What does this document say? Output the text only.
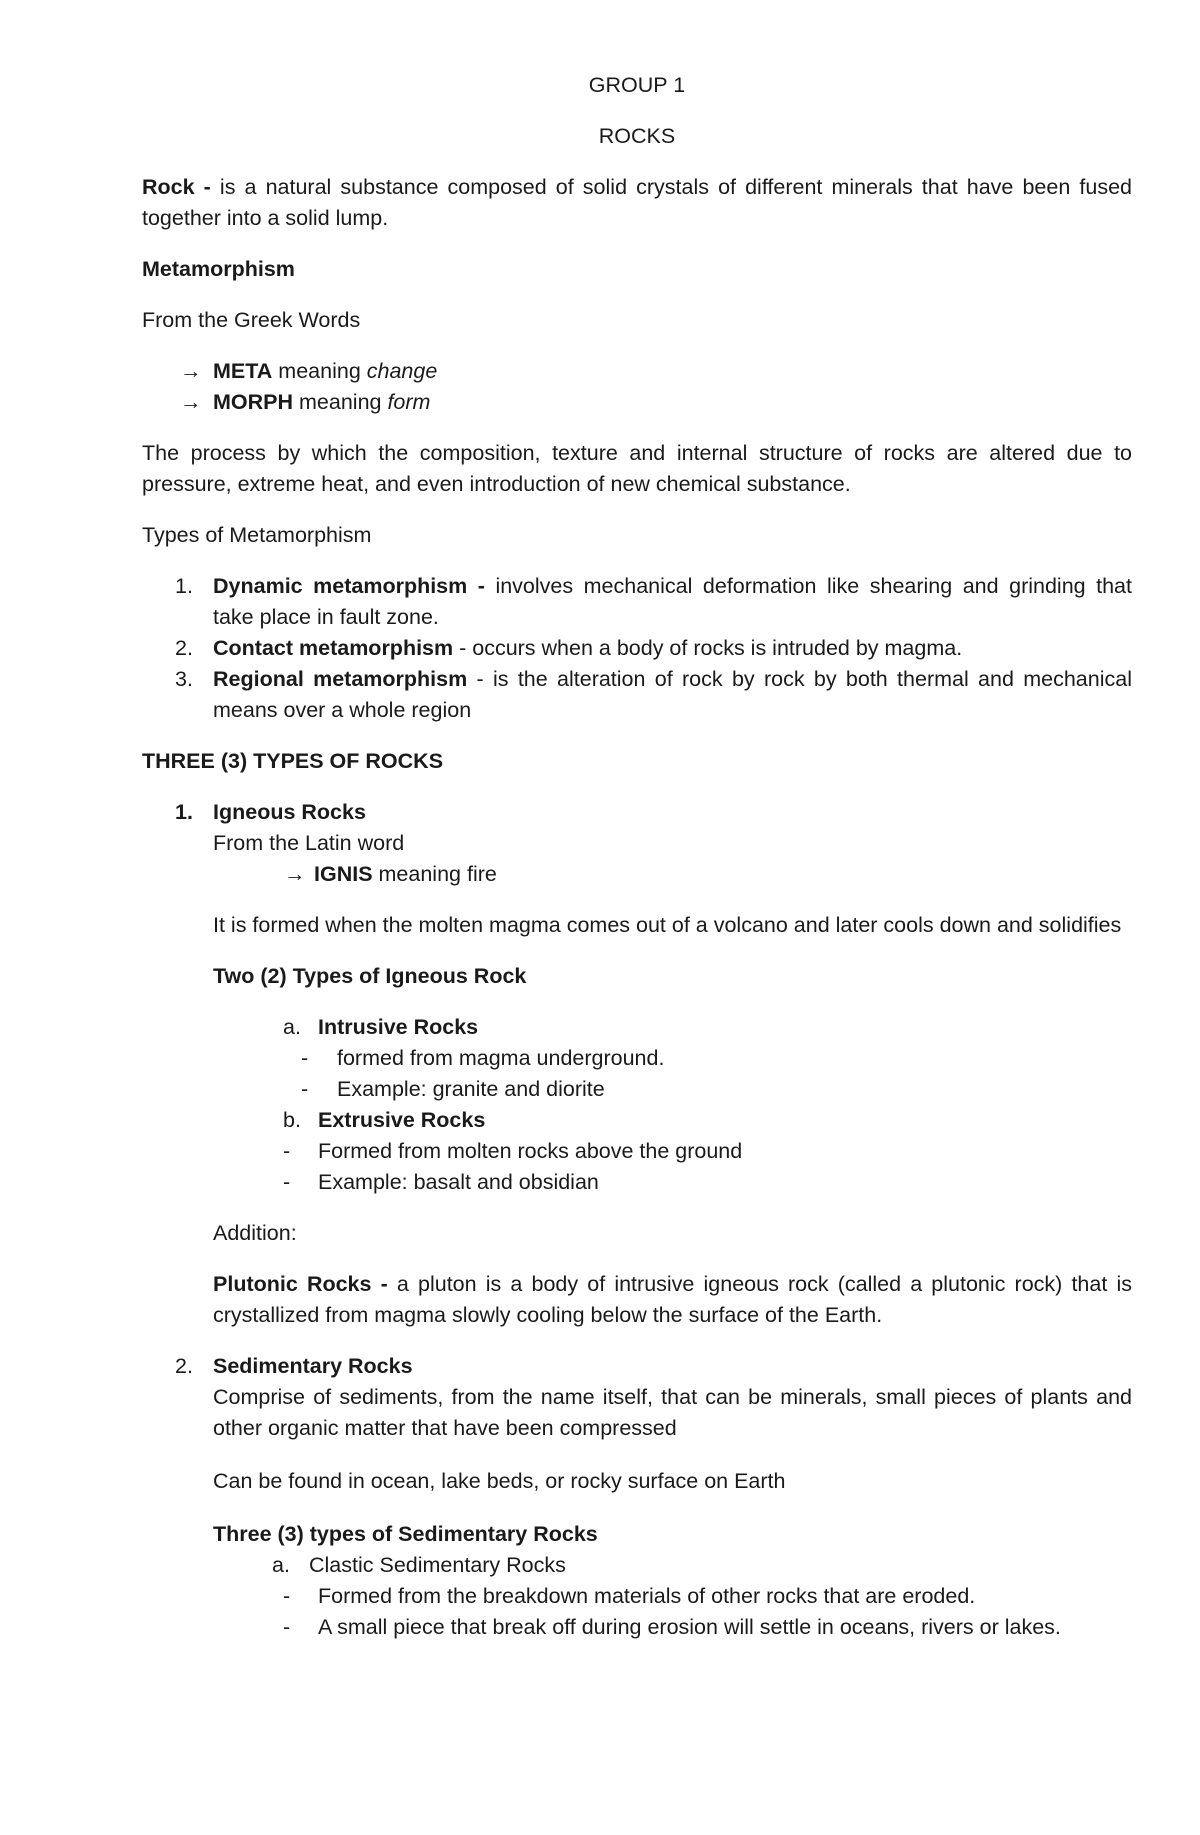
GROUP 1

ROCKS

Rock - is a natural substance composed of solid crystals of different minerals that have been fused together into a solid lump.

Metamorphism

From the Greek Words

→ META meaning change
→ MORPH meaning form

The process by which the composition, texture and internal structure of rocks are altered due to pressure, extreme heat, and even introduction of new chemical substance.

Types of Metamorphism

1. Dynamic metamorphism - involves mechanical deformation like shearing and grinding that take place in fault zone.
2. Contact metamorphism - occurs when a body of rocks is intruded by magma.
3. Regional metamorphism - is the alteration of rock by rock by both thermal and mechanical means over a whole region

THREE (3) TYPES OF ROCKS

1. Igneous Rocks

From the Latin word

→ IGNIS meaning fire

It is formed when the molten magma comes out of a volcano and later cools down and solidifies

Two (2) Types of Igneous Rock

a. Intrusive Rocks
- formed from magma underground.
- Example: granite and diorite
b. Extrusive Rocks
- Formed from molten rocks above the ground
- Example: basalt and obsidian

Addition:

Plutonic Rocks - a pluton is a body of intrusive igneous rock (called a plutonic rock) that is crystallized from magma slowly cooling below the surface of the Earth.

2. Sedimentary Rocks

Comprise of sediments, from the name itself, that can be minerals, small pieces of plants and other organic matter that have been compressed

Can be found in ocean, lake beds, or rocky surface on Earth

Three (3) types of Sedimentary Rocks

a. Clastic Sedimentary Rocks
- Formed from the breakdown materials of other rocks that are eroded.
- A small piece that break off during erosion will settle in oceans, rivers or lakes.
